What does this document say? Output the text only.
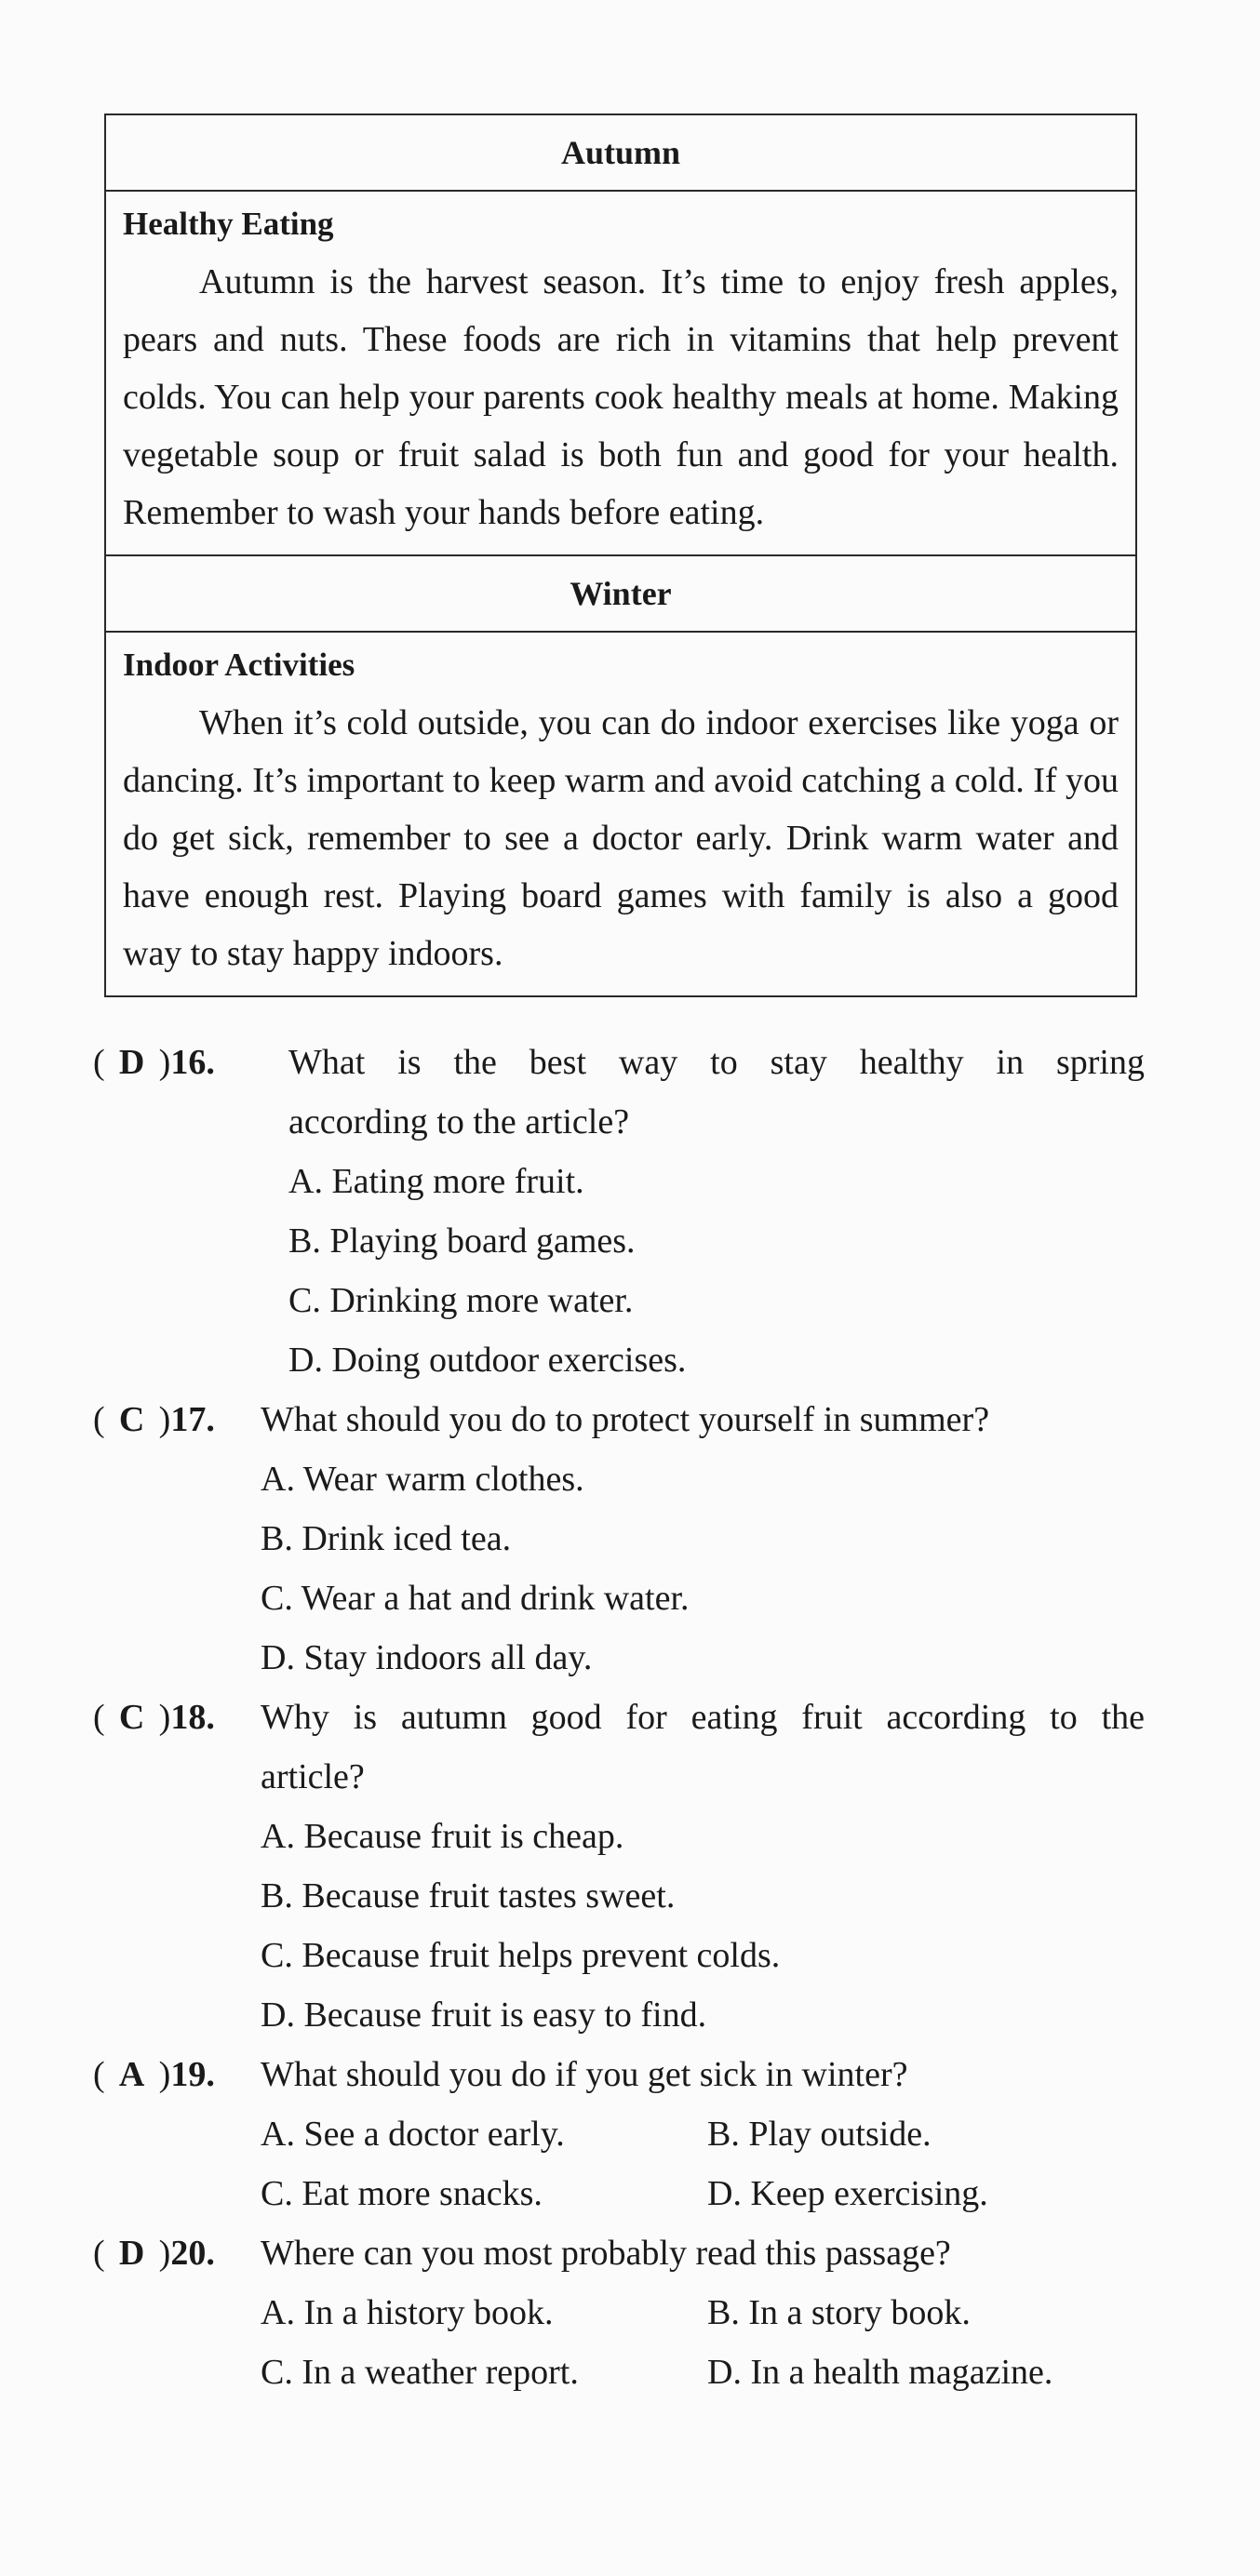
Autumn
Healthy Eating

Autumn is the harvest season. It’s time to enjoy fresh apples, pears and nuts. These foods are rich in vitamins that help prevent colds. You can help your parents cook healthy meals at home. Making vegetable soup or fruit salad is both fun and good for your health. Remember to wash your hands before eating.

Winter
Indoor Activities

When it’s cold outside, you can do indoor exercises like yoga or dancing. It’s important to keep warm and avoid catching a cold. If you do get sick, remember to see a doctor early. Drink warm water and have enough rest. Playing board games with family is also a good way to stay happy indoors.

( D )16.	What is the best way to stay healthy in spring
according to the article?
A. Eating more fruit.
B. Playing board games.
C. Drinking more water.
D. Doing outdoor exercises.
( C )17.	What should you do to protect yourself in summer?
A. Wear warm clothes.
B. Drink iced tea.
C. Wear a hat and drink water.
D. Stay indoors all day.
( C )18.	Why is autumn good for eating fruit according to the
article?
A. Because fruit is cheap.
B. Because fruit tastes sweet.
C. Because fruit helps prevent colds.
D. Because fruit is easy to find.
( A )19.	What should you do if you get sick in winter?
A. See a doctor early.	B. Play outside.
C. Eat more snacks.	D. Keep exercising.
( D )20.	Where can you most probably read this passage?
A. In a history book.	B. In a story book.
C. In a weather report.	D. In a health magazine.
